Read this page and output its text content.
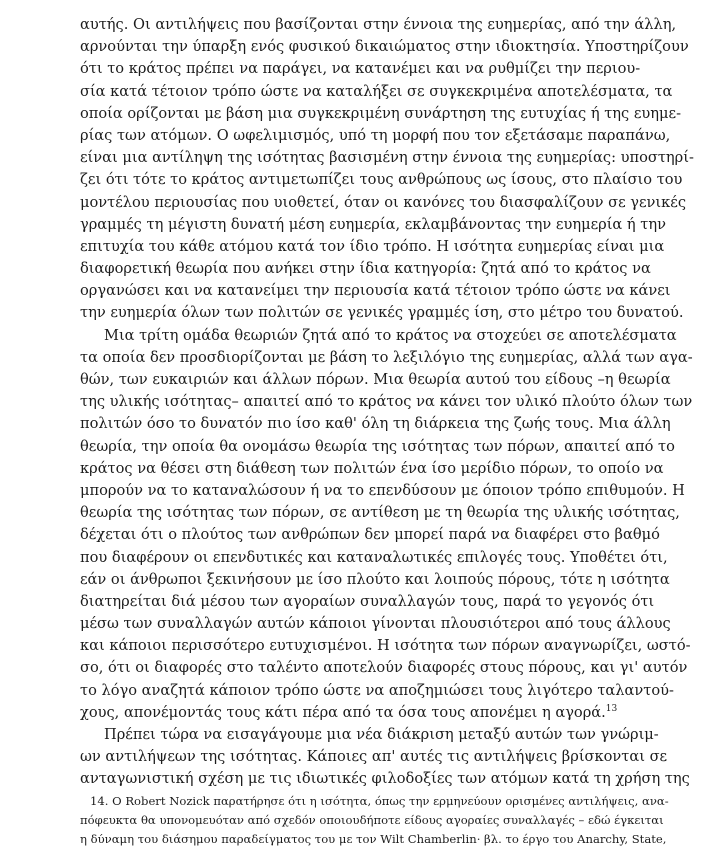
αυτής. Οι αντιλήψεις που βασίζονται στην έννοια της ευημερίας, από την άλλη,
αρνούνται την ύπαρξη ενός φυσικού δικαιώματος στην ιδιοκτησία. Υποστηρίζουν
ότι το κράτος πρέπει να παράγει, να κατανέμει και να ρυθμίζει την περιου-
σία κατά τέτοιον τρόπο ώστε να καταλήξει σε συγκεκριμένα αποτελέσματα, τα
οποία ορίζονται με βάση μια συγκεκριμένη συνάρτηση της ευτυχίας ή της ευημε-
ρίας των ατόμων. Ο ωφελιμισμός, υπό τη μορφή που τον εξετάσαμε παραπάνω,
είναι μια αντίληψη της ισότητας βασισμένη στην έννοια της ευημερίας: υποστηρί-
ζει ότι τότε το κράτος αντιμετωπίζει τους ανθρώπους ως ίσους, στο πλαίσιο του
μοντέλου περιουσίας που υιοθετεί, όταν οι κανόνες του διασφαλίζουν σε γενικές
γραμμές τη μέγιστη δυνατή μέση ευημερία, εκλαμβάνοντας την ευημερία ή την
επιτυχία του κάθε ατόμου κατά τον ίδιο τρόπο. Η ισότητα ευημερίας είναι μια
διαφορετική θεωρία που ανήκει στην ίδια κατηγορία: ζητά από το κράτος να
οργανώσει και να κατανείμει την περιουσία κατά τέτοιον τρόπο ώστε να κάνει
την ευημερία όλων των πολιτών σε γενικές γραμμές ίση, στο μέτρο του δυνατού.
Μια τρίτη ομάδα θεωριών ζητά από το κράτος να στοχεύει σε αποτελέσματα
τα οποία δεν προσδιορίζονται με βάση το λεξιλόγιο της ευημερίας, αλλά των αγα-
θών, των ευκαιριών και άλλων πόρων. Μια θεωρία αυτού του είδους –η θεωρία
της υλικής ισότητας– απαιτεί από το κράτος να κάνει τον υλικό πλούτο όλων των
πολιτών όσο το δυνατόν πιο ίσο καθ' όλη τη διάρκεια της ζωής τους. Μια άλλη
θεωρία, την οποία θα ονομάσω θεωρία της ισότητας των πόρων, απαιτεί από το
κράτος να θέσει στη διάθεση των πολιτών ένα ίσο μερίδιο πόρων, το οποίο να
μπορούν να το καταναλώσουν ή να το επενδύσουν με όποιον τρόπο επιθυμούν. Η
θεωρία της ισότητας των πόρων, σε αντίθεση με τη θεωρία της υλικής ισότητας,
δέχεται ότι ο πλούτος των ανθρώπων δεν μπορεί παρά να διαφέρει στο βαθμό
που διαφέρουν οι επενδυτικές και καταναλωτικές επιλογές τους. Υποθέτει ότι,
εάν οι άνθρωποι ξεκινήσουν με ίσο πλούτο και λοιπούς πόρους, τότε η ισότητα
διατηρείται διά μέσου των αγοραίων συναλλαγών τους, παρά το γεγονός ότι
μέσω των συναλλαγών αυτών κάποιοι γίνονται πλουσιότεροι από τους άλλους
και κάποιοι περισσότερο ευτυχισμένοι. Η ισότητα των πόρων αναγνωρίζει, ωστό-
σο, ότι οι διαφορές στο ταλέντο αποτελούν διαφορές στους πόρους, και γι' αυτόν
το λόγο αναζητά κάποιον τρόπο ώστε να αποζημιώσει τους λιγότερο ταλαντού-
χους, απονέμοντάς τους κάτι πέρα από τα όσα τους απονέμει η αγορά.$^{13}$
Πρέπει τώρα να εισαγάγουμε μια νέα διάκριση μεταξύ αυτών των γνώριμ-
ων αντιλήψεων της ισότητας. Κάποιες απ' αυτές τις αντιλήψεις βρίσκονται σε
ανταγωνιστική σχέση με τις ιδιωτικές φιλοδοξίες των ατόμων κατά τη χρήση της
14. Ο Robert Nozick παρατήρησε ότι η ισότητα, όπως την ερμηνεύουν ορισμένες αντιλήψεις, ανα-
πόφευκτα θα υπονομευόταν από σχεδόν οποιουδήποτε είδους αγοραίες συναλλαγές – εδώ έγκειται
η δύναμη του διάσημου παραδείγματος του με τον Wilt Chamberlin· βλ. το έργο του Anarchy, State,
